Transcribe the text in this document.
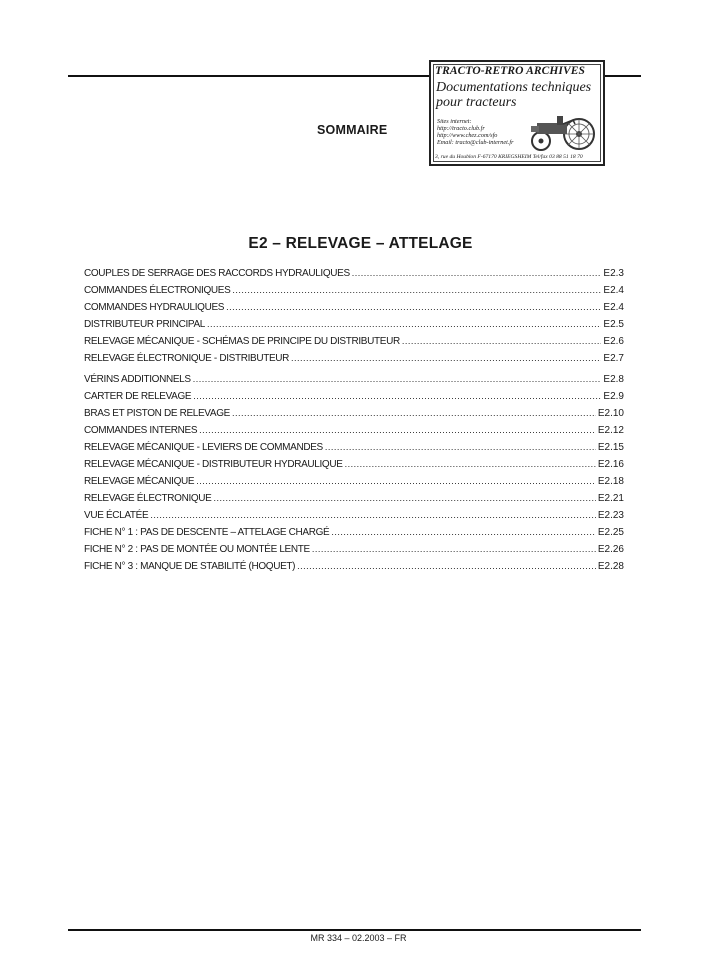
TRACTO-RETRO ARCHIVES
Documentations techniques
pour tracteurs
Sites internet:
http://tracto.club.fr
http://www.chez.com/sfo
Email: tracto@club-internet.fr
3, rue du Houblon F-67170 KRIEGSHEIM Tel/fax 03 88 51 18 70
SOMMAIRE
E2 – RELEVAGE – ATTELAGE
COUPLES DE SERRAGE DES RACCORDS HYDRAULIQUES .....	E2.3
COMMANDES ÉLECTRONIQUES .....	E2.4
COMMANDES HYDRAULIQUES .....	E2.4
DISTRIBUTEUR PRINCIPAL .....	E2.5
RELEVAGE MÉCANIQUE - SCHÉMAS DE PRINCIPE DU DISTRIBUTEUR .....	E2.6
RELEVAGE ÉLECTRONIQUE - DISTRIBUTEUR .....	E2.7
VÉRINS ADDITIONNELS .....	E2.8
CARTER DE RELEVAGE .....	E2.9
BRAS ET PISTON DE RELEVAGE .....	E2.10
COMMANDES INTERNES .....	E2.12
RELEVAGE MÉCANIQUE - LEVIERS DE COMMANDES .....	E2.15
RELEVAGE MÉCANIQUE - DISTRIBUTEUR HYDRAULIQUE .....	E2.16
RELEVAGE MÉCANIQUE .....	E2.18
RELEVAGE ÉLECTRONIQUE .....	E2.21
VUE ÉCLATÉE .....	E2.23
FICHE N° 1 : PAS DE DESCENTE – ATTELAGE CHARGÉ .....	E2.25
FICHE N° 2 : PAS DE MONTÉE OU MONTÉE LENTE .....	E2.26
FICHE N° 3 : MANQUE DE STABILITÉ (HOQUET) .....	E2.28
MR 334 – 02.2003 – FR
